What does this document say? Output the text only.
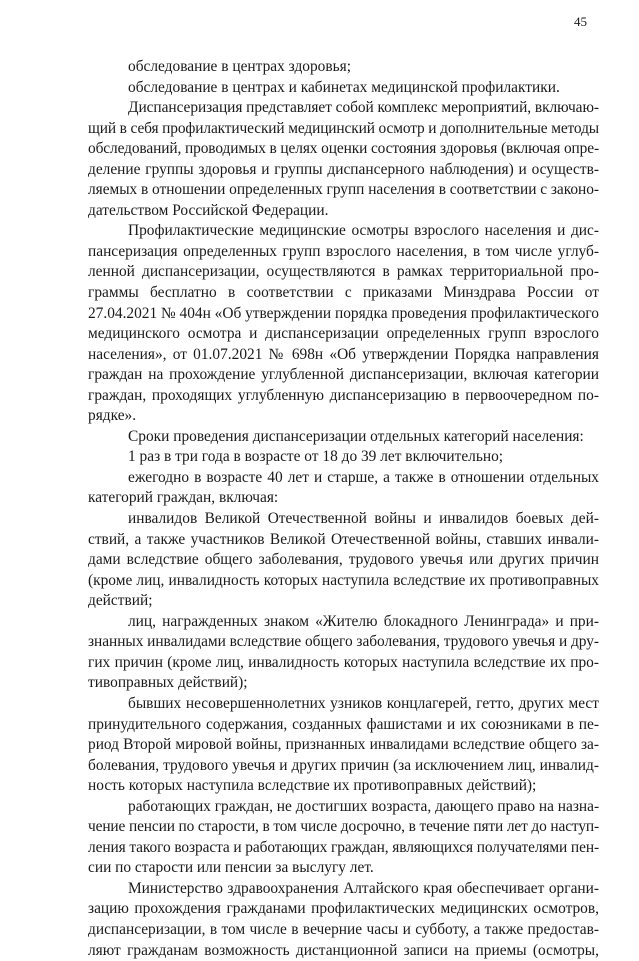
45
обследование в центрах здоровья;
обследование в центрах и кабинетах медицинской профилактики.
Диспансеризация представляет собой комплекс мероприятий, включаю-
щий в себя профилактический медицинский осмотр и дополнительные методы
обследований, проводимых в целях оценки состояния здоровья (включая опре-
деление группы здоровья и группы диспансерного наблюдения) и осуществ-
ляемых в отношении определенных групп населения в соответствии с законо-
дательством Российской Федерации.
Профилактические медицинские осмотры взрослого населения и дис-
пансеризация определенных групп взрослого населения, в том числе углуб-
ленной диспансеризации, осуществляются в рамках территориальной про-
граммы бесплатно в соответствии с приказами Минздрава России от
27.04.2021 № 404н «Об утверждении порядка проведения профилактического
медицинского осмотра и диспансеризации определенных групп взрослого
населения», от 01.07.2021 № 698н «Об утверждении Порядка направления
граждан на прохождение углубленной диспансеризации, включая категории
граждан, проходящих углубленную диспансеризацию в первоочередном по-
рядке».
Сроки проведения диспансеризации отдельных категорий населения:
1 раз в три года в возрасте от 18 до 39 лет включительно;
ежегодно в возрасте 40 лет и старше, а также в отношении отдельных
категорий граждан, включая:
инвалидов Великой Отечественной войны и инвалидов боевых дей-
ствий, а также участников Великой Отечественной войны, ставших инвали-
дами вследствие общего заболевания, трудового увечья или других причин
(кроме лиц, инвалидность которых наступила вследствие их противоправных
действий;
лиц, награжденных знаком «Жителю блокадного Ленинграда» и при-
знанных инвалидами вследствие общего заболевания, трудового увечья и дру-
гих причин (кроме лиц, инвалидность которых наступила вследствие их про-
тивоправных действий);
бывших несовершеннолетних узников концлагерей, гетто, других мест
принудительного содержания, созданных фашистами и их союзниками в пе-
риод Второй мировой войны, признанных инвалидами вследствие общего за-
болевания, трудового увечья и других причин (за исключением лиц, инвалид-
ность которых наступила вследствие их противоправных действий);
работающих граждан, не достигших возраста, дающего право на назна-
чение пенсии по старости, в том числе досрочно, в течение пяти лет до наступ-
ления такого возраста и работающих граждан, являющихся получателями пен-
сии по старости или пенсии за выслугу лет.
Министерство здравоохранения Алтайского края обеспечивает органи-
зацию прохождения гражданами профилактических медицинских осмотров,
диспансеризации, в том числе в вечерние часы и субботу, а также предостав-
ляют гражданам возможность дистанционной записи на приемы (осмотры,
